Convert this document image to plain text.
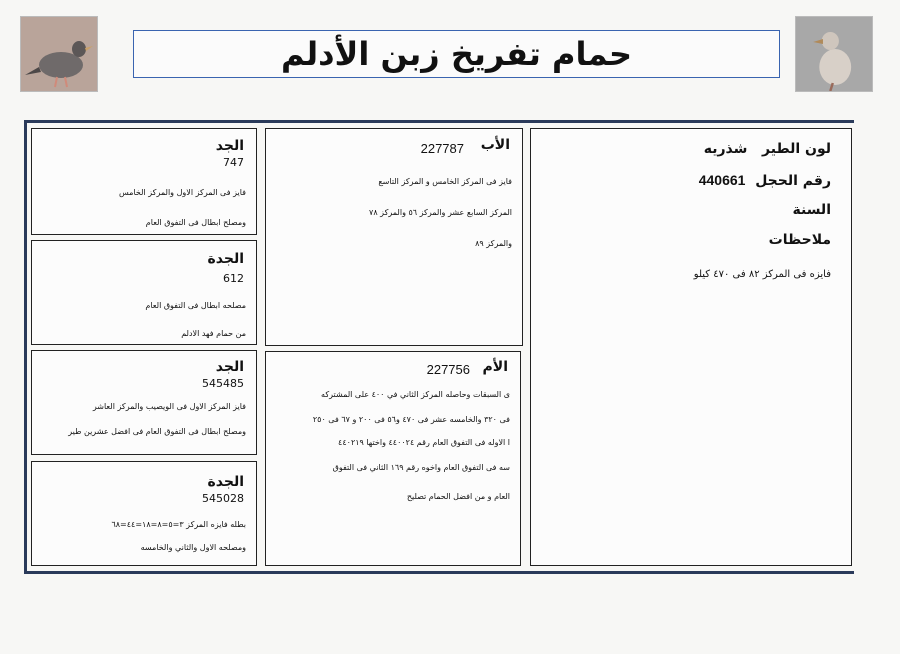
حمام تفريخ زبن الأدلم
لون الطير   شذريه
رقم الحجل  440661
السنة
ملاحظات
فايزه فى المركز ٨٢ فى ٤٧٠ كيلو
الأب
227787
فايز فى المركز الخامس و المركز التاسع
المركز السابع عشر والمركز ٥٦ والمركز ٧٨
والمركز ٨٩
الأم
227756
ى السبقات وحاصله المركز الثاني في ٤٠٠ على المشتركه
فى ٣٢٠ والخامسه عشر فى ٤٧٠ و٥٦ فى ٢٠٠ و ٦٧ فى ٢٥٠
ا الاوله فى التفوق العام رقم ٤٤٠٠٢٤ واختها ٤٤٠٢١٩
سه فى التفوق العام واخوه رقم ١٦٩ الثاني فى التفوق
العام و من افضل الحمام تصليح
الجد
747
فايز فى المركز الاول والمركز الخامس
ومصلح ابطال فى التفوق العام
الجدة
612
مصلحه ابطال فى التفوق العام
من حمام فهد الادلم
الجد
545485
فايز المركز الاول فى الويصيب والمركز العاشر
ومصلح ابطال فى التفوق العام فى افضل عشرين طير
الجدة
545028
بطله فايزه المركز ٣=٥=٨=١٨=٤٤=٦٨
ومصلحه الاول والثاني والخامسه
